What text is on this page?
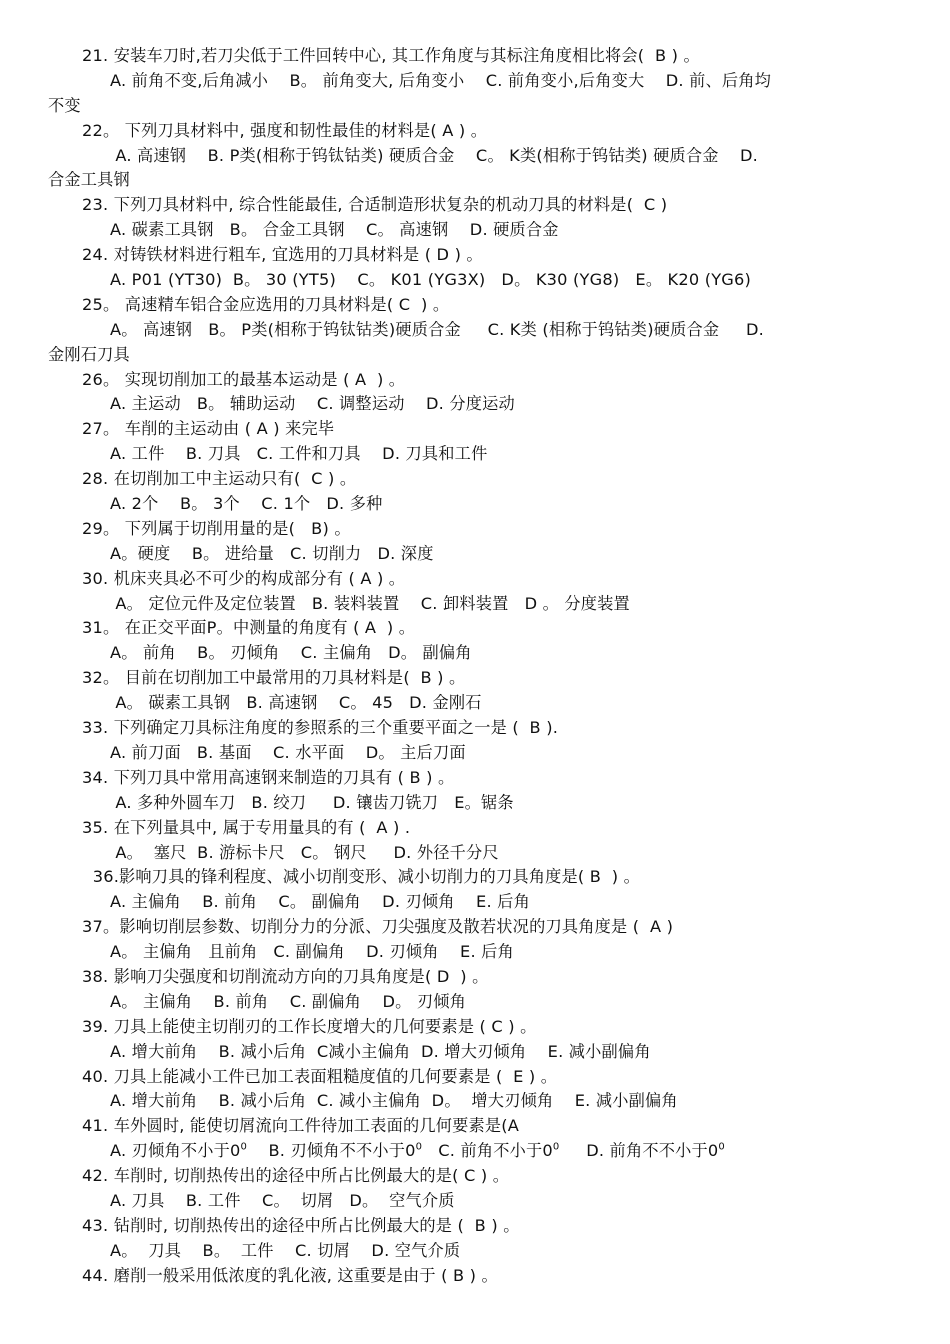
21. 安装车刀时,若刀尖低于工件回转中心, 其工作角度与其标注角度相比将会(  B ) 。
A. 前角不变,后角减小    B。 前角变大, 后角变小    C. 前角变小,后角变大    D. 前、后角均
不变
22。 下列刀具材料中, 强度和韧性最佳的材料是( A ) 。
A. 高速钢    B. P类(相称于钨钛钴类) 硬质合金    C。 K类(相称于钨钴类) 硬质合金    D.
合金工具钢
23. 下列刀具材料中, 综合性能最佳, 合适制造形状复杂的机动刀具的材料是(  C )
A. 碳素工具钢   B。 合金工具钢    C。 高速钢    D. 硬质合金
24. 对铸铁材料进行粗车, 宜选用的刀具材料是 ( D ) 。
A. P01 (YT30)  B。 30 (YT5)    C。 K01 (YG3X)   D。 K30 (YG8)   E。 K20 (YG6)
25。 高速精车铝合金应选用的刀具材料是( C  ) 。
A。 高速钢   B。 P类(相称于钨钛钴类)硬质合金     C. K类 (相称于钨钴类)硬质合金     D.
金刚石刀具
26。 实现切削加工的最基本运动是 ( A  ) 。
A. 主运动   B。 辅助运动    C. 调整运动    D. 分度运动
27。 车削的主运动由 ( A ) 来完毕
A. 工件    B. 刀具   C. 工件和刀具    D. 刀具和工件
28. 在切削加工中主运动只有(  C ) 。
A. 2个    B。 3个    C. 1个   D. 多种
29。 下列属于切削用量的是(   B) 。
A。硬度    B。 进给量   C. 切削力   D. 深度
30. 机床夹具必不可少的构成部分有 ( A ) 。
A。 定位元件及定位装置   B. 装料装置    C. 卸料装置   D 。 分度装置
31。 在正交平面P。中测量的角度有 ( A  ) 。
A。 前角    B。 刃倾角    C. 主偏角   D。 副偏角
32。 目前在切削加工中最常用的刀具材料是(  B ) 。
A。 碳素工具钢   B. 高速钢    C。 45   D. 金刚石
33. 下列确定刀具标注角度的参照系的三个重要平面之一是 (  B ).
A. 前刀面   B. 基面    C. 水平面    D。 主后刀面
34. 下列刀具中常用高速钢来制造的刀具有 ( B ) 。
A. 多种外圆车刀   B. 绞刀     D. 镶齿刀铣刀   E。锯条
35. 在下列量具中, 属于专用量具的有 (  A ) .
A。  塞尺  B. 游标卡尺   C。 钢尺     D. 外径千分尺
36.影响刀具的锋利程度、减小切削变形、减小切削力的刀具角度是( B  ) 。
A. 主偏角    B. 前角    C。 副偏角    D. 刃倾角    E. 后角
37。影响切削层参数、切削分力的分派、刀尖强度及散若状况的刀具角度是 (  A )
A。 主偏角   且前角   C. 副偏角    D. 刃倾角    E. 后角
38. 影响刀尖强度和切削流动方向的刀具角度是( D  ) 。
A。 主偏角    B. 前角    C. 副偏角    D。 刃倾角
39. 刀具上能使主切削刃的工作长度增大的几何要素是 ( C ) 。
A. 增大前角    B. 减小后角  C减小主偏角  D. 增大刃倾角    E. 减小副偏角
40. 刀具上能减小工件已加工表面粗糙度值的几何要素是 (  E ) 。
A. 增大前角    B. 减小后角  C. 减小主偏角  D。  增大刃倾角    E. 减小副偏角
41. 车外圆时, 能使切屑流向工件待加工表面的几何要素是(A
A. 刃倾角不小于$0^0$    B. 刃倾角不不小于$0^0$   C. 前角不小于$0^0$     D. 前角不不小于$0^0$
42. 车削时, 切削热传出的途径中所占比例最大的是( C ) 。
A. 刀具    B. 工件    C。  切屑   D。  空气介质
43. 钻削时, 切削热传出的途径中所占比例最大的是 (  B ) 。
A。  刀具    B。  工件    C. 切屑    D. 空气介质
44. 磨削一般采用低浓度的乳化液, 这重要是由于 ( B ) 。
